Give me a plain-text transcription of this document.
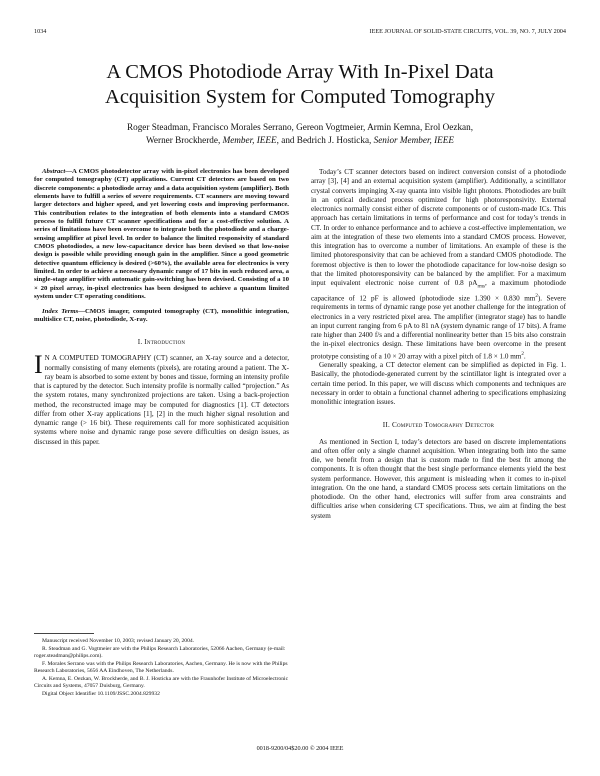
1034	IEEE JOURNAL OF SOLID-STATE CIRCUITS, VOL. 39, NO. 7, JULY 2004
A CMOS Photodiode Array With In-Pixel Data
Acquisition System for Computed Tomography
Roger Steadman, Francisco Morales Serrano, Gereon Vogtmeier, Armin Kemna, Erol Oezkan,
Werner Brockherde, Member, IEEE, and Bedrich J. Hosticka, Senior Member, IEEE

Abstract—A CMOS photodetector array with in-pixel electronics has been developed for computed tomography (CT) applications. Current CT detectors are based on two discrete components: a photodiode array and a data acquisition system (amplifier). Both elements have to fulfill a series of severe requirements. CT scanners are moving toward larger detectors and higher speed, and yet lowering costs and improving performance. This contribution relates to the integration of both elements into a standard CMOS process to fulfill future CT scanner specifications and for a cost-effective solution. A series of limitations have been overcome to integrate both the photodiode and a charge-sensing amplifier at pixel level. In order to balance the limited responsivity of standard CMOS photodiodes, a new low-capacitance device has been devised so that low-noise design is possible while providing enough gain in the amplifier. Since a good geometric detective quantum efficiency is desired (>60%), the available area for electronics is very limited. In order to achieve a necessary dynamic range of 17 bits in such reduced area, a single-stage amplifier with automatic gain-switching has been devised. Consisting of a 10 × 20 pixel array, in-pixel electronics has been designed to achieve a quantum limited system under CT operating conditions.

Index Terms—CMOS imager, computed tomography (CT), monolithic integration, multislice CT, noise, photodiode, X-ray.

I. Introduction

I N A COMPUTED TOMOGRAPHY (CT) scanner, an X-ray source and a detector, normally consisting of many elements (pixels), are rotating around a patient. The X-ray beam is absorbed to some extent by bones and tissue, forming an intensity profile that is captured by the detector. Such intensity profile is normally called “projection.” As the system rotates, many synchronized projections are taken. Using a back-projection method, the reconstructed image may be computed for diagnostics [1]. CT detectors differ from other X-ray applications [1], [2] in the much higher signal resolution and dynamic range (> 16 bit). These requirements call for more sophisticated acquisition systems where noise and dynamic range pose severe difficulties on design issues, as discussed in this paper.

Manuscript received November 10, 2003; revised January 20, 2004.

R. Steadman and G. Vogtmeier are with the Philips Research Laboratories, 52066 Aachen, Germany (e-mail: roger.steadman@philips.com).

F. Morales Serrano was with the Philips Research Laboratories, Aachen, Germany. He is now with the Philips Research Laboratories, 5656 AA Eindhoven, The Netherlands.

A. Kemna, E. Oezkan, W. Brockherde, and B. J. Hosticka are with the Fraunhofer Institute of Microelectronic Circuits and Systems, 47057 Duisburg, Germany.

Digital Object Identifier 10.1109/JSSC.2004.829932

Today’s CT scanner detectors based on indirect conversion consist of a photodiode array [3], [4] and an external acquisition system (amplifier). Additionally, a scintillator crystal converts impinging X-ray quanta into visible light photons. Photodiodes are built in an optical dedicated process optimized for high photoresponsivity. External electronics normally consist either of discrete components or of custom-made ICs. This approach has certain limitations in terms of performance and cost for today’s trends in CT. In order to enhance performance and to achieve a cost-effective implementation, we aim at the integration of these two elements into a standard CMOS process. However, this integration has to overcome a number of limitations. An example of these is the limited photoresponsivity that can be achieved from a standard CMOS photodiode. The foremost objective is then to lower the photodiode capacitance for low-noise design so that the limited photoresponsivity can be balanced by the amplifier. For a maximum input equivalent electronic noise current of 0.8 $pA_{rms}$, a maximum photodiode capacitance of 12 pF is allowed (photodiode size 1.390 × 0.830 $mm^2$). Severe requirements in terms of dynamic range pose yet another challenge for the integration of electronics in a very restricted pixel area. The amplifier (integrator stage) has to handle an input current ranging from 6 pA to 81 nA (system dynamic range of 17 bits). A frame rate higher than 2400 f/s and a differential nonlinearity better than 15 bits also constrain the in-pixel electronics design. These limitations have been overcome in the present prototype consisting of a 10 × 20 array with a pixel pitch of 1.8 × 1.0 $mm^2$.

Generally speaking, a CT detector element can be simplified as depicted in Fig. 1. Basically, the photodiode-generated current by the scintillator light is integrated over a certain time period. In this paper, we will discuss which components and techniques are necessary in order to obtain a functional channel adhering to specifications emphasizing monolithic integration issues.

II. Computed Tomography Detector

As mentioned in Section I, today’s detectors are based on discrete implementations and often offer only a single channel acquisition. When integrating both into the same die, we benefit from a design that is custom made to find the best fit among the components. It is often thought that the best single performance elements yield the best system performance. However, this argument is misleading when it comes to in-pixel integration. On the one hand, a standard CMOS process sets certain limitations on the photodiode. On the other hand, electronics will suffer from area constraints and difficulties arise when considering CT specifications. Thus, we aim at finding the best system

0018-9200/04$20.00 © 2004 IEEE
